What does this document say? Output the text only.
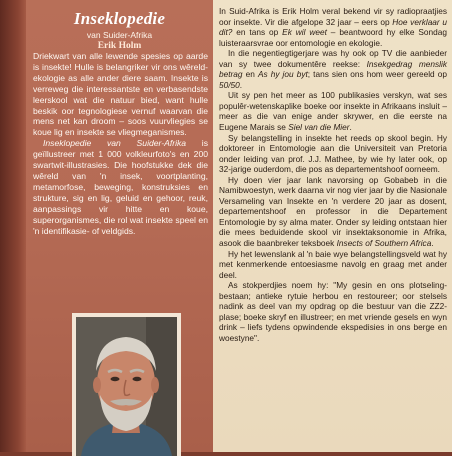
Inseklopedie
van Suider-Afrika
Erik Holm

Driekwart van alle lewende spesies op aarde is insekte! Hulle is belangriker vir ons wêreld-ekologie as alle ander diere saam. Insekte is verreweg die interessantste en verbasendste leerskool wat die natuur bied, want hulle beskik oor tegnologiese vernuf waarvan die mens net kan droom – soos vuurvliegies se koue lig en insekte se vliegmeganismes.

Inseklopedie van Suider-Afrika is geïllustreer met 1 000 volkleurfoto's en 200 swartwit-illustrasies. Die hoofstukke dek die wêreld van 'n insek, voortplanting, metamorfose, beweging, konstruksies en strukture, sig en lig, geluid en gehoor, reuk, aanpassings vir hitte en koue, superorganismes, die rol wat insekte speel en 'n identifikasie- of veldgids.

In Suid-Afrika is Erik Holm veral bekend vir sy radiopraatjies oor insekte. Vir die afgelope 32 jaar – eers op Hoe verklaar u dit? en tans op Ek wil weet – beantwoord hy elke Sondag luisteraarsvrae oor entomologie en ekologie.

In die negentiegtigerjare was hy ook op TV die aanbieder van sy twee dokumentêre reekse: Insekgedrag menslik betrag en As hy jou byt; tans sien ons hom weer gereeld op 50/50.

Uit sy pen het meer as 100 publikasies verskyn, wat ses populêr-wetenskaplike boeke oor insekte in Afrikaans insluit – meer as die van enige ander skrywer, en die eerste na Eugene Marais se Siel van die Mier.

Sy belangstelling in insekte het reeds op skool begin. Hy doktoreer in Entomologie aan die Universiteit van Pretoria onder leiding van prof. J.J. Mathee, by wie hy later ook, op 32-jarige ouderdom, die pos as departementshoof oorneem.

Hy doen vier jaar lank navorsing op Gobabeb in die Namibwoestyn, werk daarna vir nog vier jaar by die Nasionale Versameling van Insekte en 'n verdere 20 jaar as dosent, departementshoof en professor in die Departement Entomologie by sy alma mater. Onder sy leiding ontstaan hier die mees beduidende skool vir insektaksonomie in Afrika, asook die baanbreker teksboek Insects of Southern Africa.

Hy het lewenslank al 'n baie wye belangstellingsveld wat hy met kenmerkende entoesiasme navolg en graag met ander deel.

As stokperdjies noem hy: "My gesin en ons plotseling-bestaan; antieke rytuie herbou en restoureer; oor stelsels nadink as deel van my opdrag op die bestuur van die ZZ2-plase; boeke skryf en illustreer; en met vriende gesels en wyn drink – liefs tydens opwindende ekspedisies in ons berge en woestyne".
